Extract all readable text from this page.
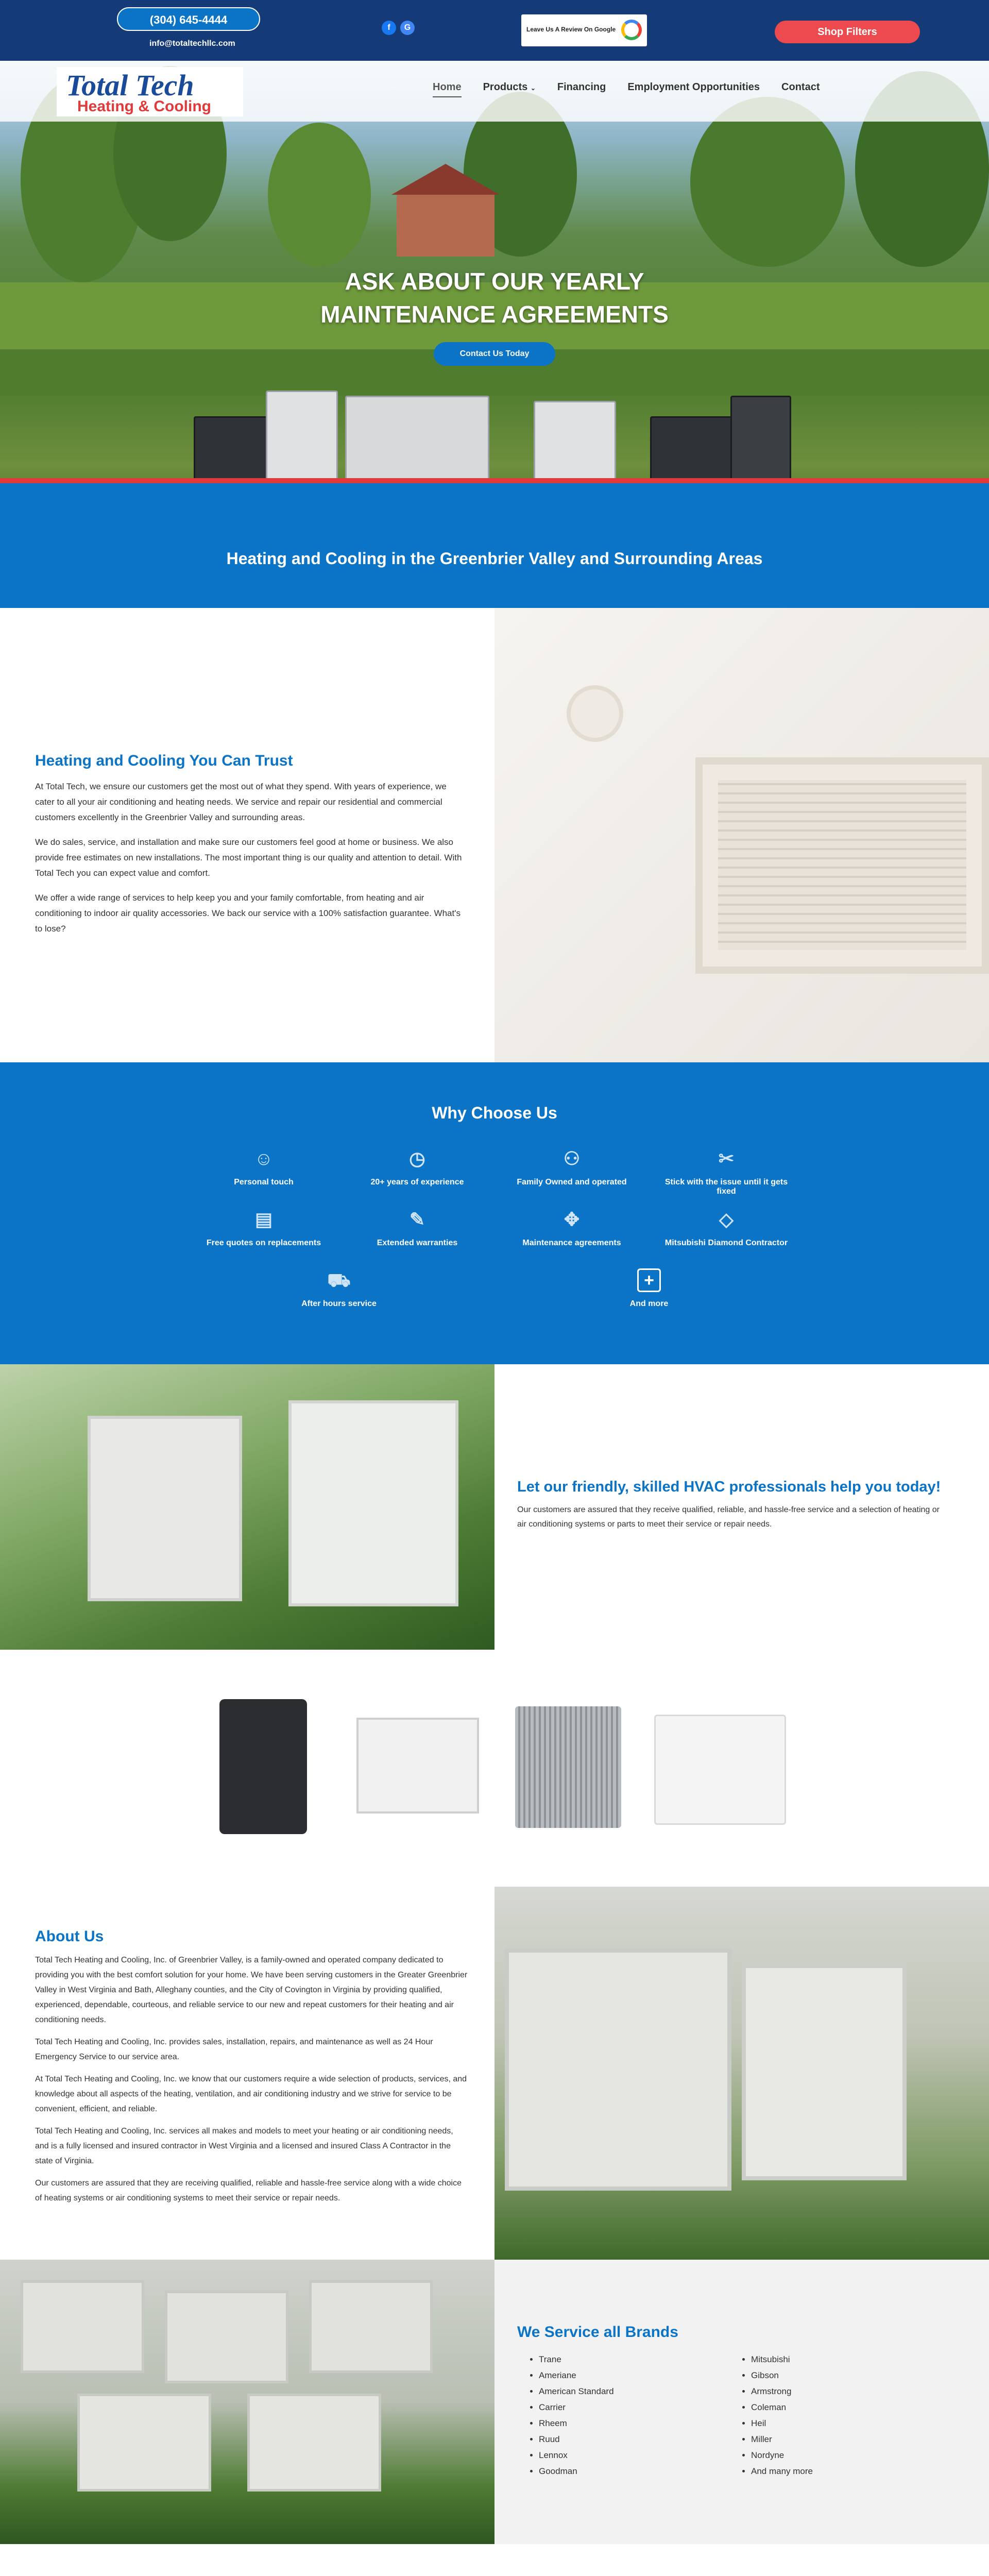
(304) 645-4444
info@totaltechllc.com
f	G	Leave Us A Review On Google	Shop Filters
Total Tech
Heating & Cooling
Home Products ⌄ Financing Employment Opportunities Contact
ASK ABOUT OUR YEARLY
MAINTENANCE AGREEMENTS
Contact Us Today
Heating and Cooling in the Greenbrier Valley and Surrounding Areas
Heating and Cooling You Can Trust

At Total Tech, we ensure our customers get the most out of what they spend. With years of experience, we cater to all your air conditioning and heating needs. We service and repair our residential and commercial customers excellently in the Greenbrier Valley and surrounding areas.

We do sales, service, and installation and make sure our customers feel good at home or business. We also provide free estimates on new installations. The most important thing is our quality and attention to detail. With Total Tech you can expect value and comfort.

We offer a wide range of services to help keep you and your family comfortable, from heating and air conditioning to indoor air quality accessories. We back our service with a 100% satisfaction guarantee. What's to lose?

Why Choose Us
☺
Personal touch
◷
20+ years of experience
⚇
Family Owned and operated
✂
Stick with the issue until it gets fixed
▤
Free quotes on replacements
✎
Extended warranties
✥
Maintenance agreements
◇
Mitsubishi Diamond Contractor
⛟
After hours service
+
And more
Let our friendly, skilled HVAC professionals help you today!

Our customers are assured that they receive qualified, reliable, and hassle-free service and a selection of heating or air conditioning systems or parts to meet their service or repair needs.

About Us

Total Tech Heating and Cooling, Inc. of Greenbrier Valley, is a family-owned and operated company dedicated to providing you with the best comfort solution for your home. We have been serving customers in the Greater Greenbrier Valley in West Virginia and Bath, Alleghany counties, and the City of Covington in Virginia by providing qualified, experienced, dependable, courteous, and reliable service to our new and repeat customers for their heating and air conditioning needs.

Total Tech Heating and Cooling, Inc. provides sales, installation, repairs, and maintenance as well as 24 Hour Emergency Service to our service area.

At Total Tech Heating and Cooling, Inc. we know that our customers require a wide selection of products, services, and knowledge about all aspects of the heating, ventilation, and air conditioning industry and we strive for service to be convenient, efficient, and reliable.

Total Tech Heating and Cooling, Inc. services all makes and models to meet your heating or air conditioning needs, and is a fully licensed and insured contractor in West Virginia and a licensed and insured Class A Contractor in the state of Virginia.

Our customers are assured that they are receiving qualified, reliable and hassle-free service along with a wide choice of heating systems or air conditioning systems to meet their service or repair needs.

We Service all Brands
• Trane
• Ameriane
• American Standard
• Carrier
• Rheem
• Ruud
• Lennox
• Goodman
• Mitsubishi
• Gibson
• Armstrong
• Coleman
• Heil
• Miller
• Nordyne
• And many more
